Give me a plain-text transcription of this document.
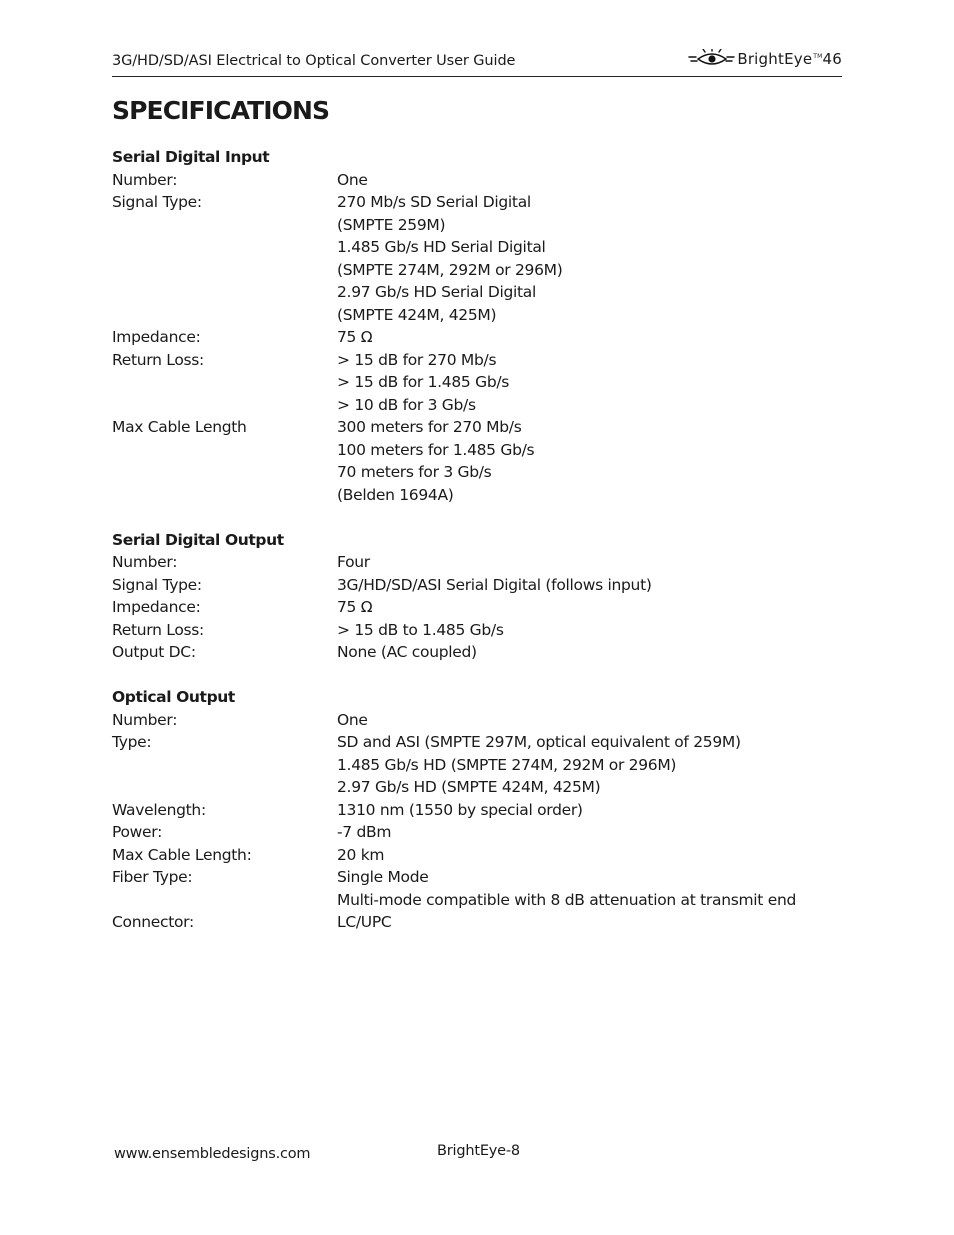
3G/HD/SD/ASI Electrical to Optical Converter User Guide	BrightEye™46
SPECIFICATIONS
Serial Digital Input
Number:	One
Signal Type:	270 Mb/s SD Serial Digital
(SMPTE 259M)
1.485 Gb/s HD Serial Digital
(SMPTE 274M, 292M or 296M)
2.97 Gb/s HD Serial Digital
(SMPTE 424M, 425M)
Impedance:	75 Ω
Return Loss:	> 15 dB for 270 Mb/s
> 15 dB for 1.485 Gb/s
> 10 dB for 3 Gb/s
Max Cable Length	300 meters for 270 Mb/s
100 meters for 1.485 Gb/s
70 meters for 3 Gb/s
(Belden 1694A)
Serial Digital Output
Number:	Four
Signal Type:	3G/HD/SD/ASI Serial Digital (follows input)
Impedance:	75 Ω
Return Loss:	> 15 dB to 1.485 Gb/s
Output DC:	None (AC coupled)
Optical Output
Number:	One
Type:	SD and ASI (SMPTE 297M, optical equivalent of 259M)
1.485 Gb/s HD (SMPTE 274M, 292M or 296M)
2.97 Gb/s HD (SMPTE 424M, 425M)
Wavelength:	1310 nm (1550 by special order)
Power:	-7 dBm
Max Cable Length:	20 km
Fiber Type:	Single Mode
Multi-mode compatible with 8 dB attenuation at transmit end
Connector:	LC/UPC
www.ensembledesigns.com	BrightEye-8
